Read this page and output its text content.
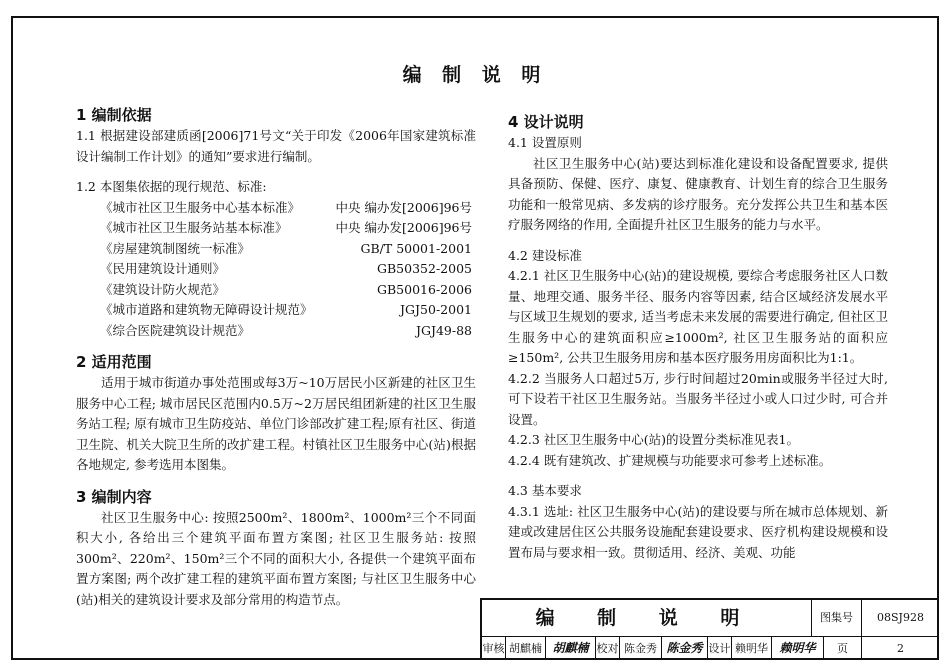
编 制 说 明
1 编制依据

1.1 根据建设部建质函[2006]71号文“关于印发《2006年国家建筑标准设计编制工作计划》的通知”要求进行编制。

1.2 本图集依据的现行规范、标准:

《城市社区卫生服务中心基本标准》	中央 编办发[2006]96号
《城市社区卫生服务站基本标准》	中央 编办发[2006]96号
《房屋建筑制图统一标准》	GB/T 50001-2001
《民用建筑设计通则》	GB50352-2005
《建筑设计防火规范》	GB50016-2006
《城市道路和建筑物无障碍设计规范》	JGJ50-2001
《综合医院建筑设计规范》	JGJ49-88
2 适用范围

适用于城市街道办事处范围或每3万~10万居民小区新建的社区卫生服务中心工程; 城市居民区范围内0.5万~2万居民组团新建的社区卫生服务站工程; 原有城市卫生防疫站、单位门诊部改扩建工程;原有社区、街道卫生院、机关大院卫生所的改扩建工程。村镇社区卫生服务中心(站)根据各地规定, 参考选用本图集。

3 编制内容

社区卫生服务中心: 按照2500m²、1800m²、1000m²三个不同面积大小, 各给出三个建筑平面布置方案图; 社区卫生服务站: 按照300m²、220m²、150m²三个不同的面积大小, 各提供一个建筑平面布置方案图; 两个改扩建工程的建筑平面布置方案图; 与社区卫生服务中心(站)相关的建筑设计要求及部分常用的构造节点。

4 设计说明

4.1 设置原则

社区卫生服务中心(站)要达到标准化建设和设备配置要求, 提供具备预防、保健、医疗、康复、健康教育、计划生育的综合卫生服务功能和一般常见病、多发病的诊疗服务。充分发挥公共卫生和基本医疗服务网络的作用, 全面提升社区卫生服务的能力与水平。

4.2 建设标准

4.2.1 社区卫生服务中心(站)的建设规模, 要综合考虑服务社区人口数量、地理交通、服务半径、服务内容等因素, 结合区域经济发展水平与区域卫生规划的要求, 适当考虑未来发展的需要进行确定, 但社区卫生服务中心的建筑面积应≥1000m², 社区卫生服务站的面积应≥150m², 公共卫生服务用房和基本医疗服务用房面积比为1:1。

4.2.2 当服务人口超过5万, 步行时间超过20min或服务半径过大时, 可下设若干社区卫生服务站。当服务半径过小或人口过少时, 可合并设置。

4.2.3 社区卫生服务中心(站)的设置分类标准见表1。

4.2.4 既有建筑改、扩建规模与功能要求可参考上述标准。

4.3 基本要求

4.3.1 选址: 社区卫生服务中心(站)的建设要与所在城市总体规划、新建或改建居住区公共服务设施配套建设要求、医疗机构建设规模和设置布局与要求相一致。贯彻适用、经济、美观、功能

编 制 说 明	图集号	08SJ928
审核 胡麒楠 胡麒楠 校对 陈金秀 陈金秀 设计 赖明华 赖明华	页	2
